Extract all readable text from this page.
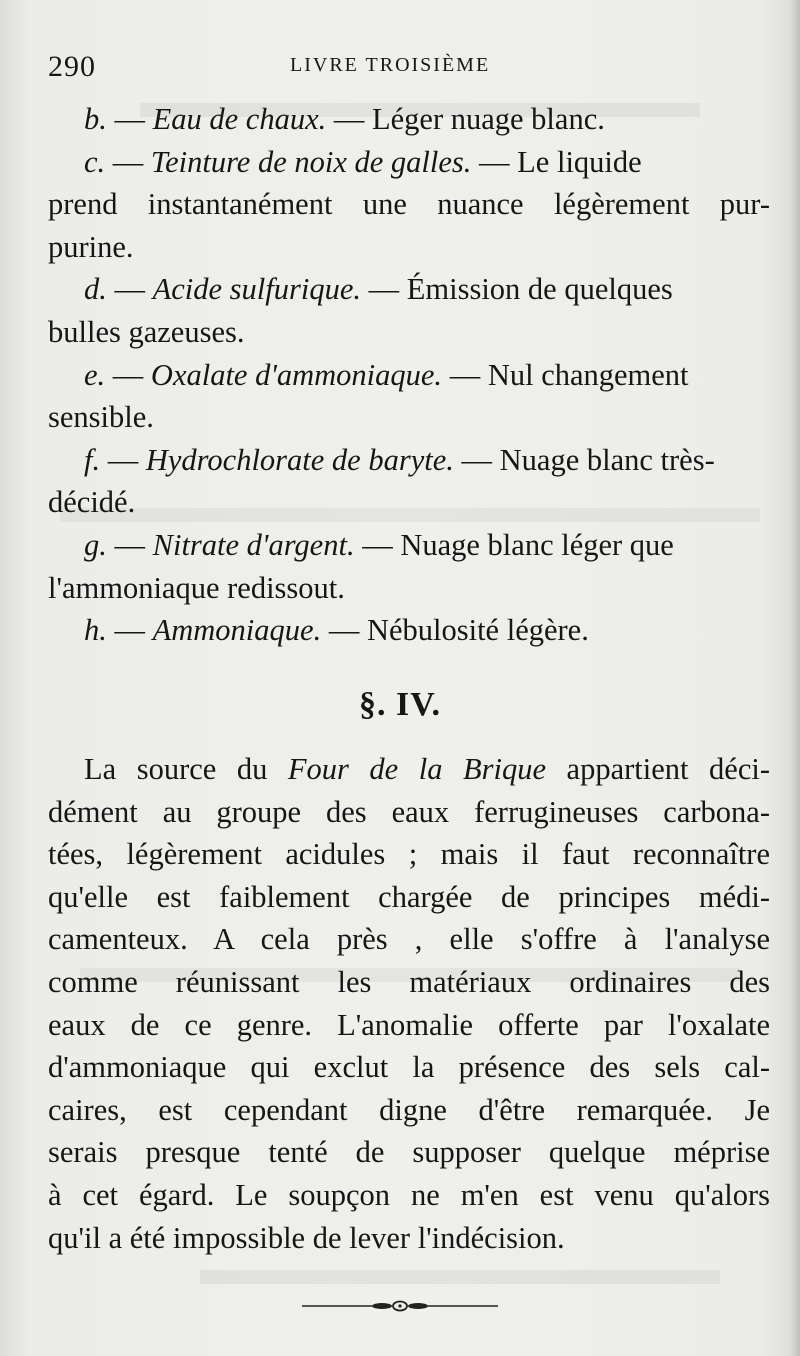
290	LIVRE TROISIÈME
b. — Eau de chaux. — Léger nuage blanc.
c. — Teinture de noix de galles. — Le liquide
prend instantanément une nuance légèrement pur-
purine.
d. — Acide sulfurique. — Émission de quelques
bulles gazeuses.
e. — Oxalate d'ammoniaque. — Nul changement
sensible.
f. — Hydrochlorate de baryte. — Nuage blanc très-
décidé.
g. — Nitrate d'argent. — Nuage blanc léger que
l'ammoniaque redissout.
h. — Ammoniaque. — Nébulosité légère.
§. IV.
La source du Four de la Brique appartient déci-
dément au groupe des eaux ferrugineuses carbona-
tées, légèrement acidules ; mais il faut reconnaître
qu'elle est faiblement chargée de principes médi-
camenteux. A cela près , elle s'offre à l'analyse
comme réunissant les matériaux ordinaires des
eaux de ce genre. L'anomalie offerte par l'oxalate
d'ammoniaque qui exclut la présence des sels cal-
caires, est cependant digne d'être remarquée. Je
serais presque tenté de supposer quelque méprise
à cet égard. Le soupçon ne m'en est venu qu'alors
qu'il a été impossible de lever l'indécision.
